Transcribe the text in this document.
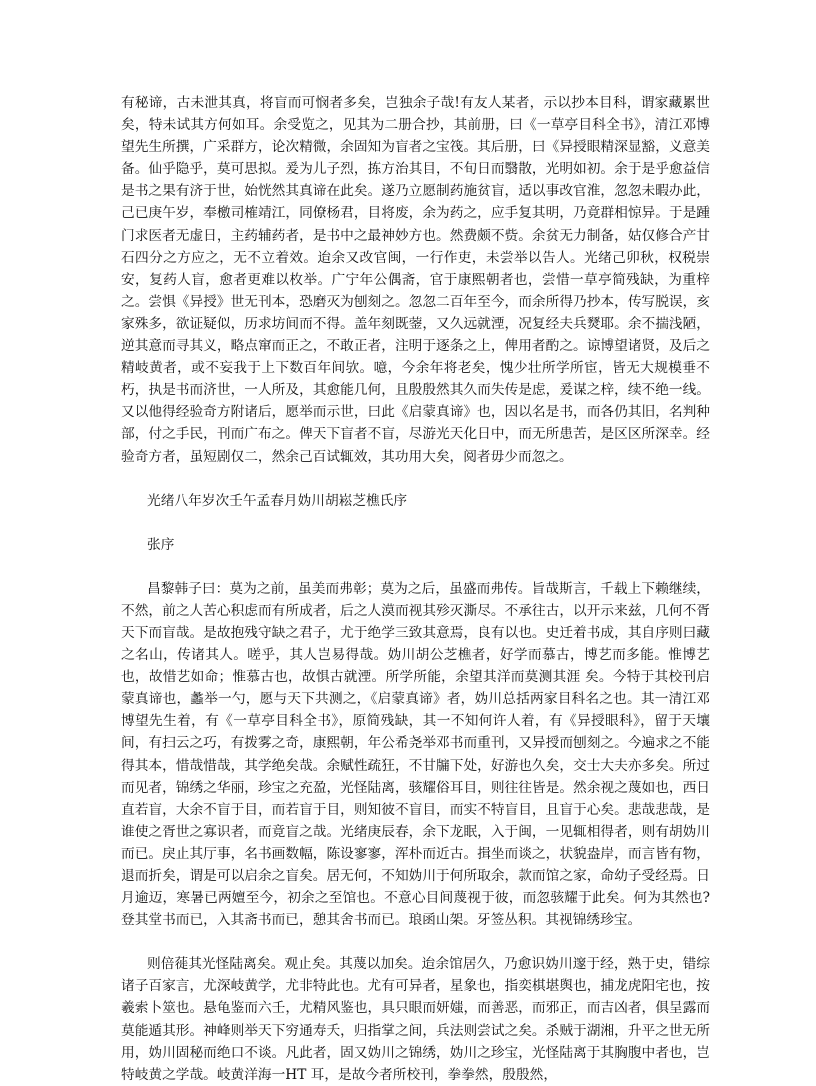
有秘谛，古未泄其真，将盲而可悯者多矣，岂独余子哉!有友人某者，示以抄本目科，谓家藏累世矣，特未试其方何如耳。余受览之，见其为二册合抄，其前册，曰《一草亭目科全书》，清江邓博望先生所撰，广采群方，论次精微，余固知为盲者之宝筏。其后册，曰《异授眼精深显豁，义意美备。仙乎隐乎，莫可思拟。爰为儿子烈，拣方治其目，不旬日而翳散，光明如初。余于是乎愈益信是书之果有济于世，始恍然其真谛在此矣。遂乃立愿制药施贫盲，适以事改官淮，忽忽未暇办此，己已庚午岁，奉檄司榷靖江，同僚杨君，目将废，余为药之，应手复其明，乃竟群相惊异。于是踵门求医者无虚日，主药辅药者，是书中之最神妙方也。然费颇不赀。余贫无力制备，姑仅修合产甘石四分之方应之，无不立着效。迨余又改官闽，一行作吏，未尝举以告人。光绪己卯秋，权税崇安，复药人盲，愈者更难以枚举。广宁年公偶斋，官于康熙朝者也，尝惜一草亭简残缺，为重梓之。尝惧《异授》世无刊本，恐磨灭为刨刻之。忽忽二百年至今，而余所得乃抄本，传写脱误，亥家殊多，欲证疑似，历求坊间而不得。盖年刻既蓥，又久远就湮，况复经夫兵燹耶。余不揣浅陋，逆其意而寻其义，略点窜而正之，不敢正者，注明于逐条之上，俾用者酌之。谅博望诸贤，及后之精岐黄者，或不妄我于上下数百年间欤。噫，今余年将老矣，愧少壮所学所宦，皆无大规模垂不朽，执是书而济世，一人所及，其愈能几何，且殷殷然其久而失传是虑，爰谋之梓，续不绝一线。又以他得经验奇方附诸后，愿举而示世，曰此《启蒙真谛》也，因以名是书，而各仍其旧，名判种部，付之手民，刊而广布之。俾天下盲者不盲，尽游光天化日中，而无所患苦，是区区所深幸。经验奇方者，虽短剧仅二，然余己百试辄效，其功用大矣，阅者毋少而忽之。

光绪八年岁次壬午孟春月妫川胡崧芝樵氏序

张序

昌黎韩子曰：莫为之前，虽美而弗彰；莫为之后，虽盛而弗传。旨哉斯言，千载上下赖继续，不然，前之人苦心积虑而有所成者，后之人漠而视其殄灭澌尽。不承往古，以开示来兹，几何不胥天下而盲哉。是故抱残守缺之君子，尤于绝学三致其意焉，良有以也。史迁着书成，其自序则曰藏之名山，传诸其人。嗟乎，其人岂易得哉。妫川胡公芝樵者，好学而慕古，博艺而多能。惟博艺也，故惜艺如命；惟慕古也，故惧古就湮。所学所能，余望其洋而莫测其涯 矣。今特于其校刊启蒙真谛也，蠡举一勺，愿与天下共测之，《启蒙真谛》者，妫川总括两家目科名之也。其一清江邓博望先生着，有《一草亭目科全书》，原简残缺，其一不知何许人着，有《异授眼科》，留于天壤间，有扫云之巧，有拨雾之奇，康熙朝，年公希尧举邓书而重刊，又异授而刨刻之。今遍求之不能得其本，惜哉惜哉，其学绝矣哉。余赋性疏狂，不甘牖下处，好游也久矣，交士大夫亦多矣。所过而见者，锦绣之华丽，珍宝之充盈，光怪陆离，骇耀俗耳目，则往往皆是。然余视之蔑如也，西日直若盲，大余不盲于目，而若盲于目，则知彼不盲目，而实不特盲目，且盲于心矣。悲哉悲哉，是谁使之胥世之寡识者，而竟盲之哉。光绪庚辰春，余下龙眠，入于闽，一见辄相得者，则有胡妫川而已。戾止其厅事，名书画数幅，陈设寥寥，浑朴而近古。揖坐而谈之，状貌盎岸，而言皆有物，退而折矣，谓是可以启余之盲矣。居无何，不知妫川于何所取余，款而馆之家，命幼子受经焉。日月逾迈，寒暑已两嬗至今，初余之至馆也。不意心目间蔑视于彼，而忽骇耀于此矣。何为其然也?登其堂书而已，入其斋书而已，憩其舍书而已。琅函山架。牙签丛积。其视锦绣珍宝。

则倍蓰其光怪陆离矣。观止矣。其蔑以加矣。迨余馆居久，乃愈识妫川邃于经，熟于史，错综诸子百家言，尤深岐黄学，尤非特此也。尤有可异者，星象也，指奕棋堪舆也，捕龙虎阳宅也，按羲索卜筮也。悬龟鉴而六壬，尤精风鉴也，具只眼而妍媸，而善恶，而邪正，而吉凶者，俱呈露而莫能遁其形。神峰则举天下穷通寿夭，归指掌之间，兵法则尝试之矣。杀贼于湖湘，升平之世无所用，妫川固秘而绝口不谈。凡此者，固又妫川之锦绣，妫川之珍宝，光怪陆离于其胸腹中者也，岂特岐黄之学哉。岐黄洋海一HT 耳，是故今者所校刊，拳拳然，殷殷然，
